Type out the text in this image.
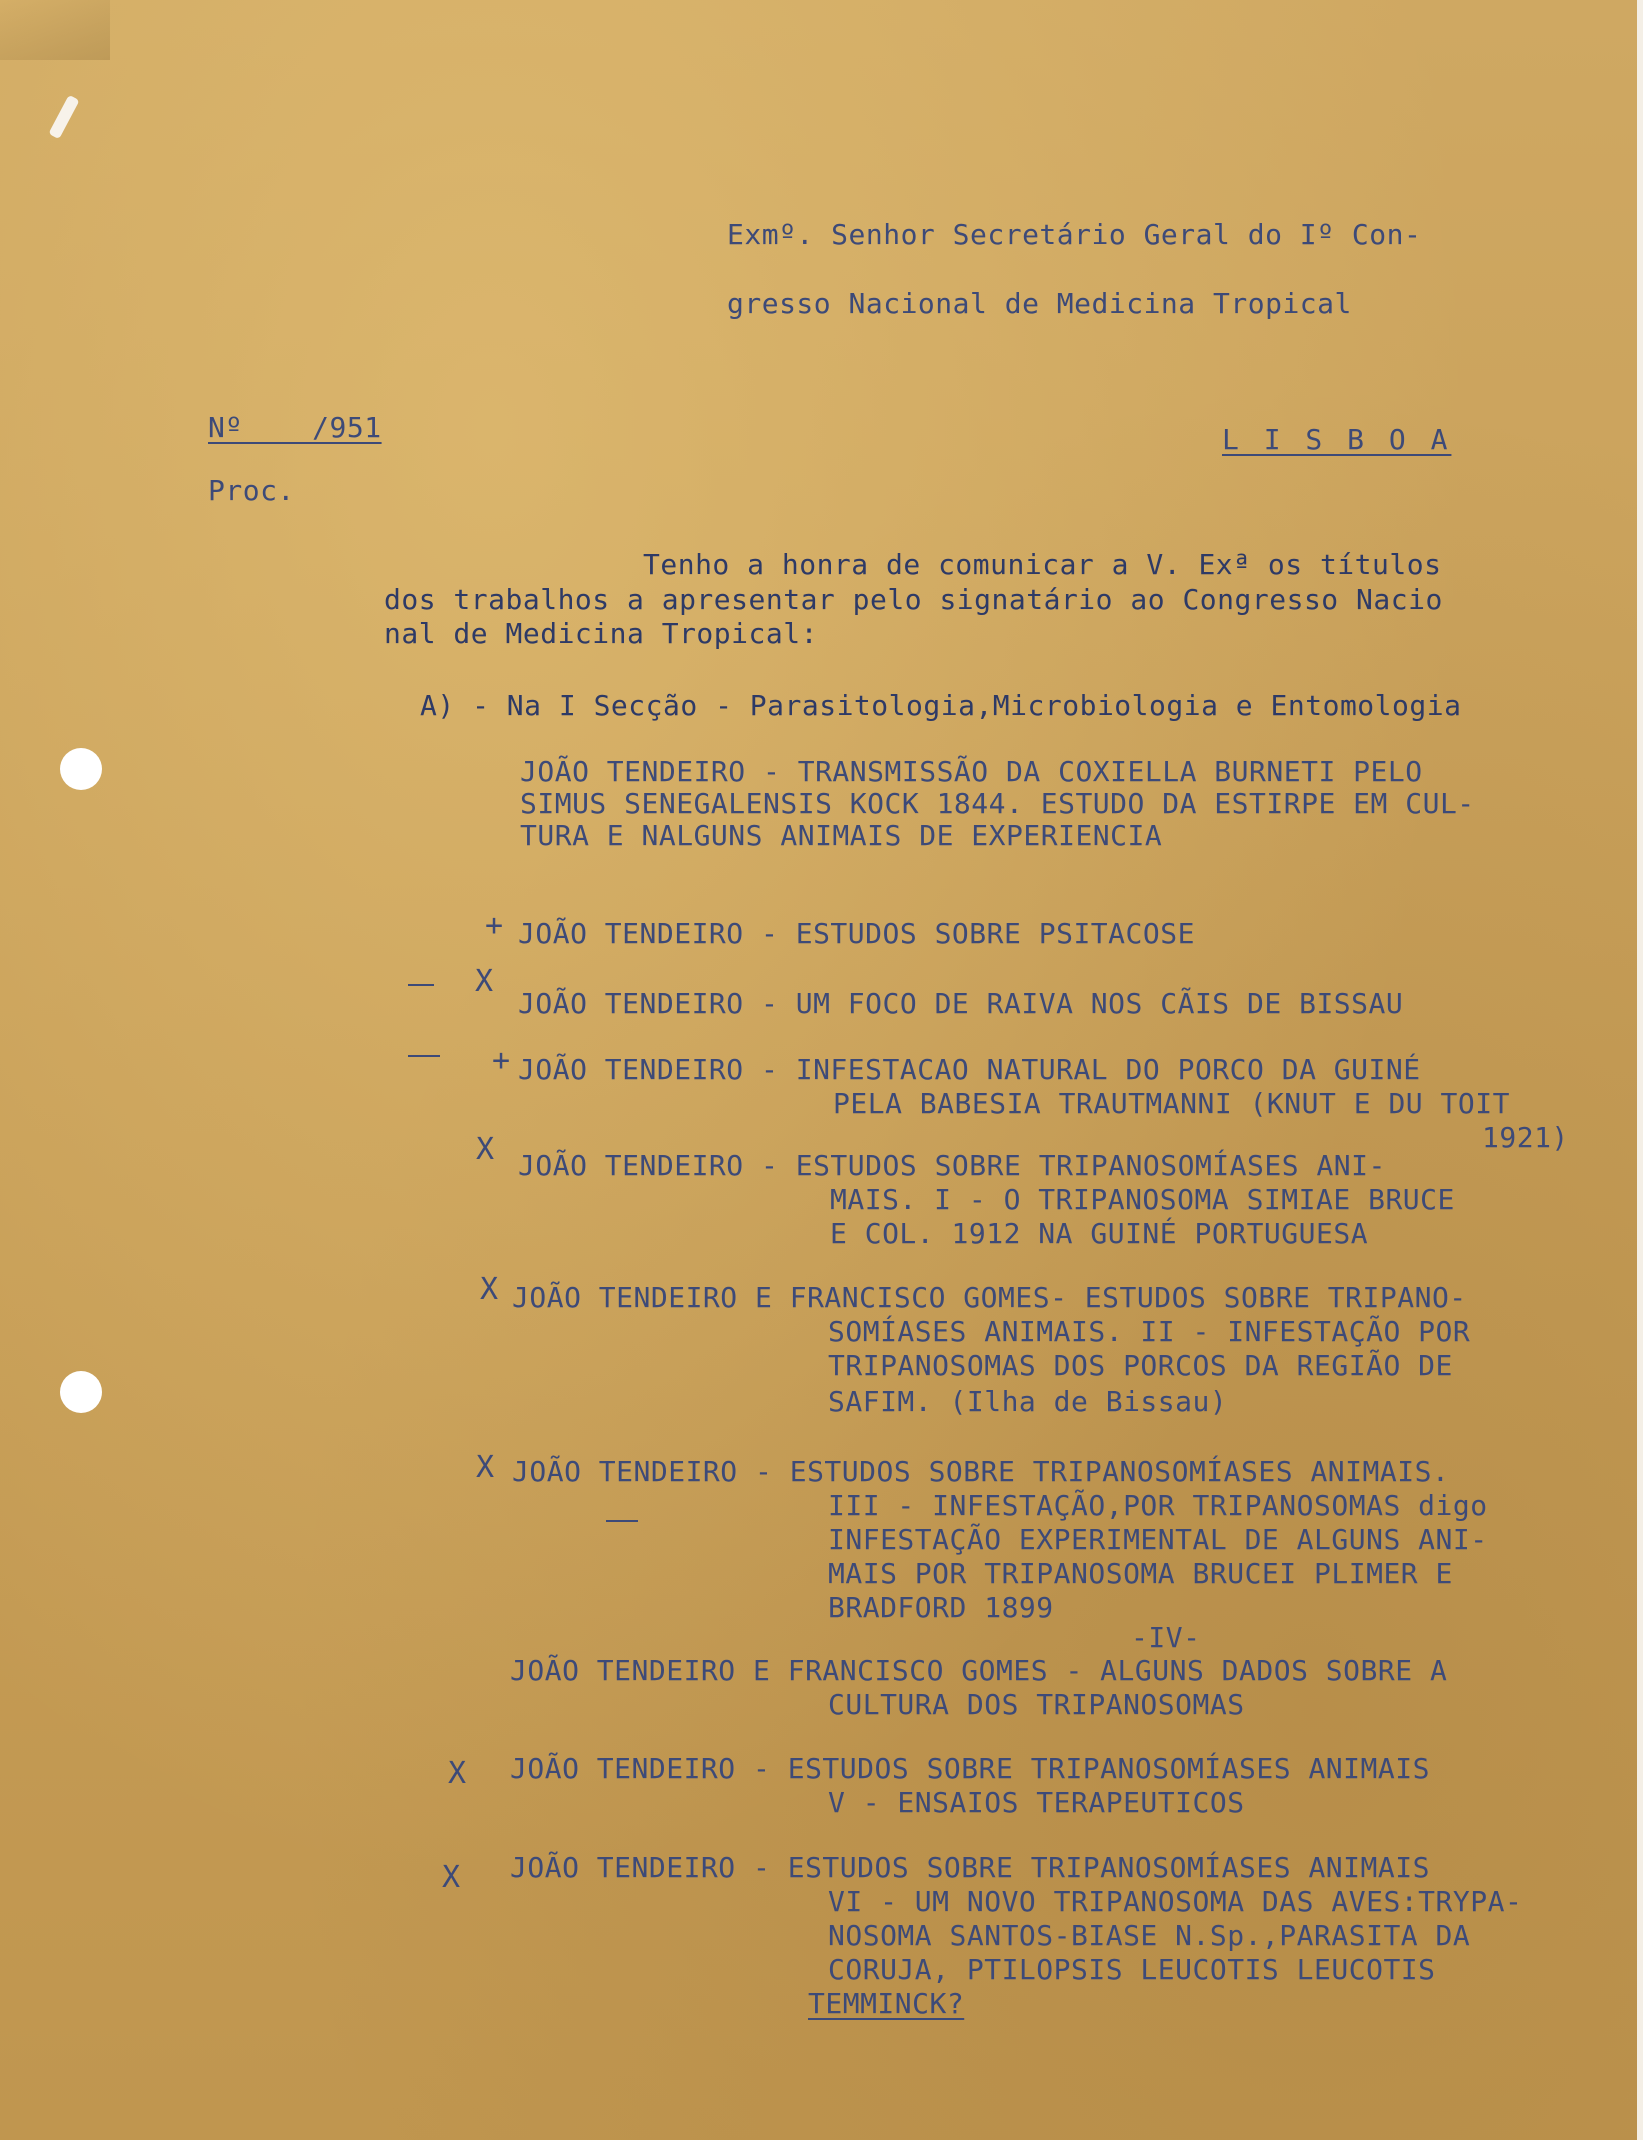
Exmº. Senhor Secretário Geral do Iº Con-
gresso Nacional de Medicina Tropical
Nº    /951	L I S B O A
Proc.
Tenho a honra de comunicar a V. Exª os títulos
dos trabalhos a apresentar pelo signatário ao Congresso Nacio
nal de Medicina Tropical:
A) - Na I Secção - Parasitologia,Microbiologia e Entomologia
JOÃO TENDEIRO - TRANSMISSÃO DA COXIELLA BURNETI PELO
SIMUS SENEGALENSIS KOCK 1844. ESTUDO DA ESTIRPE EM CUL-
TURA E NALGUNS ANIMAIS DE EXPERIENCIA
+ JOÃO TENDEIRO - ESTUDOS SOBRE PSITACOSE
X
JOÃO TENDEIRO - UM FOCO DE RAIVA NOS CÃIS DE BISSAU
+ JOÃO TENDEIRO - INFESTACAO NATURAL DO PORCO DA GUINÉ
PELA BABESIA TRAUTMANNI (KNUT E DU TOIT
1921)
X JOÃO TENDEIRO - ESTUDOS SOBRE TRIPANOSOMÍASES ANI-
MAIS. I - O TRIPANOSOMA SIMIAE BRUCE
E COL. 1912 NA GUINÉ PORTUGUESA
X JOÃO TENDEIRO E FRANCISCO GOMES- ESTUDOS SOBRE TRIPANO-
SOMÍASES ANIMAIS. II - INFESTAÇÃO POR
TRIPANOSOMAS DOS PORCOS DA REGIÃO DE
SAFIM. (Ilha de Bissau)
X JOÃO TENDEIRO - ESTUDOS SOBRE TRIPANOSOMÍASES ANIMAIS.
III - INFESTAÇÃO,POR TRIPANOSOMAS digo
INFESTAÇÃO EXPERIMENTAL DE ALGUNS ANI-
MAIS POR TRIPANOSOMA BRUCEI PLIMER E
BRADFORD 1899
-IV-
JOÃO TENDEIRO E FRANCISCO GOMES - ALGUNS DADOS SOBRE A
CULTURA DOS TRIPANOSOMAS
X JOÃO TENDEIRO - ESTUDOS SOBRE TRIPANOSOMÍASES ANIMAIS
V - ENSAIOS TERAPEUTICOS
X JOÃO TENDEIRO - ESTUDOS SOBRE TRIPANOSOMÍASES ANIMAIS
VI - UM NOVO TRIPANOSOMA DAS AVES:TRYPA-
NOSOMA SANTOS-BIASE N.Sp.,PARASITA DA
CORUJA, PTILOPSIS LEUCOTIS LEUCOTIS
TEMMINCK?
